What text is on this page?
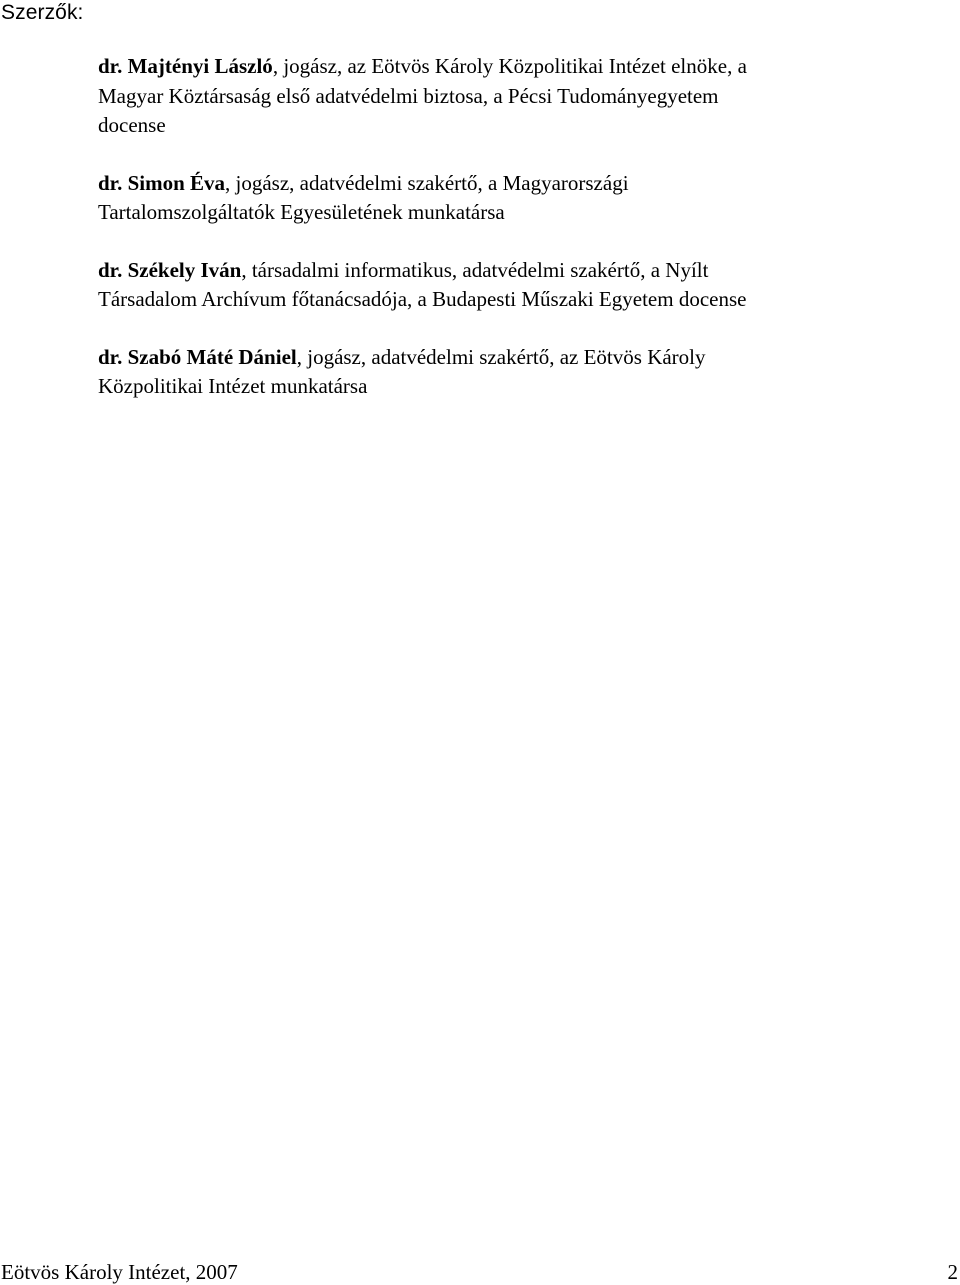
Szerzők:
dr. Majtényi László, jogász, az Eötvös Károly Közpolitikai Intézet elnöke, a
Magyar Köztársaság első adatvédelmi biztosa, a Pécsi Tudományegyetem
docense
dr. Simon Éva, jogász, adatvédelmi szakértő, a Magyarországi
Tartalomszolgáltatók Egyesületének munkatársa
dr. Székely Iván, társadalmi informatikus, adatvédelmi szakértő, a Nyílt
Társadalom Archívum főtanácsadója, a Budapesti Műszaki Egyetem docense
dr. Szabó Máté Dániel, jogász, adatvédelmi szakértő, az Eötvös Károly
Közpolitikai Intézet munkatársa
Eötvös Károly Intézet, 2007	2
